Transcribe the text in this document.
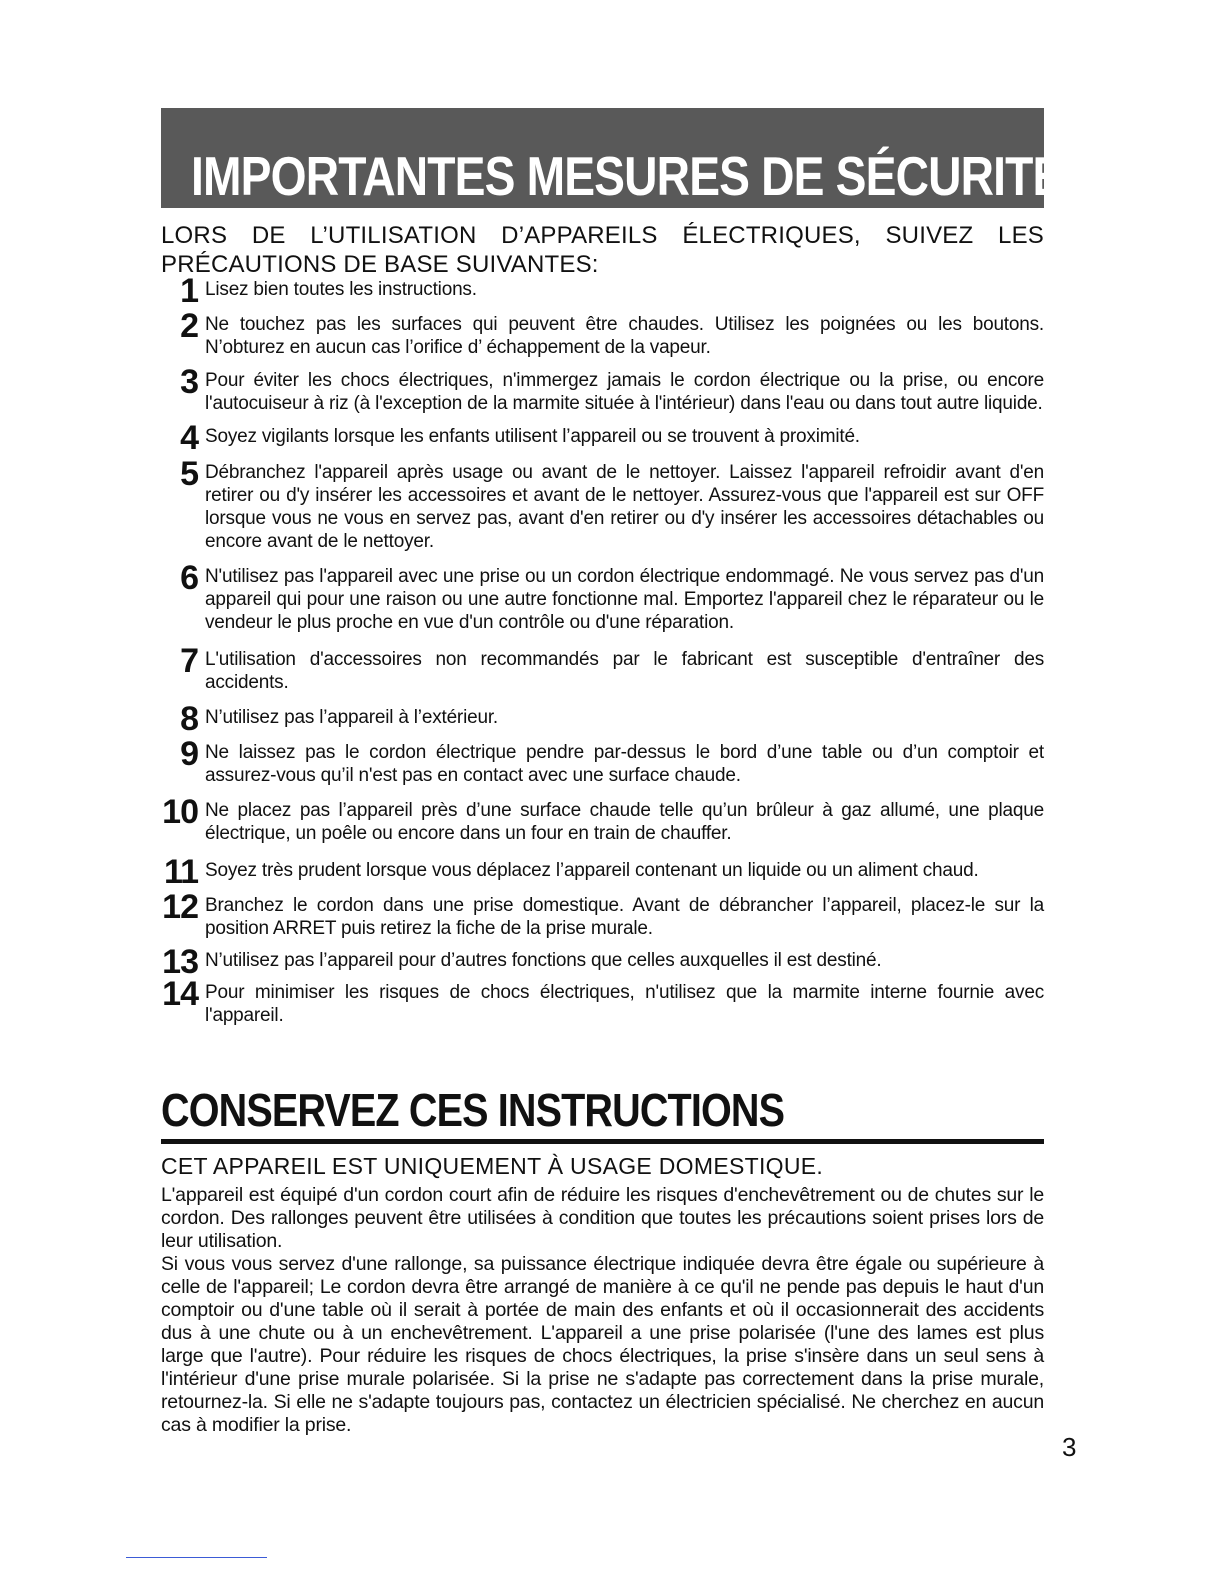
IMPORTANTES MESURES DE SÉCURITÉ

LORS DE L’UTILISATION D’APPAREILS ÉLECTRIQUES, SUIVEZ LES PRÉCAUTIONS DE BASE SUIVANTES:

1 Lisez bien toutes les instructions.
2 Ne touchez pas les surfaces qui peuvent être chaudes. Utilisez les poignées ou les boutons. N’obturez en aucun cas l’orifice d’ échappement de la vapeur.
3 Pour éviter les chocs électriques, n'immergez jamais le cordon électrique ou la prise, ou encore l'autocuiseur à riz (à l'exception de la marmite située à l'intérieur) dans l'eau ou dans tout autre liquide.
4 Soyez vigilants lorsque les enfants utilisent l’appareil ou se trouvent à proximité.
5 Débranchez l'appareil après usage ou avant de le nettoyer. Laissez l'appareil refroidir avant d'en retirer ou d'y insérer les accessoires et avant de le nettoyer. Assurez-vous que l'appareil est sur OFF lorsque vous ne vous en servez pas, avant d'en retirer ou d'y insérer les accessoires détachables ou encore avant de le nettoyer.
6 N'utilisez pas l'appareil avec une prise ou un cordon électrique endommagé. Ne vous servez pas d'un appareil qui pour une raison ou une autre fonctionne mal. Emportez l'appareil chez le réparateur ou le vendeur le plus proche en vue d'un contrôle ou d'une réparation.
7 L'utilisation d'accessoires non recommandés par le fabricant est susceptible d'entraîner des accidents.
8 N’utilisez pas l’appareil à l’extérieur.
9 Ne laissez pas le cordon électrique pendre par-dessus le bord d’une table ou d’un comptoir et assurez-vous qu’il n'est pas en contact avec une surface chaude.
10 Ne placez pas l’appareil près d’une surface chaude telle qu’un brûleur à gaz allumé, une plaque électrique, un poêle ou encore dans un four en train de chauffer.
11 Soyez très prudent lorsque vous déplacez l’appareil contenant un liquide ou un aliment chaud.
12 Branchez le cordon dans une prise domestique. Avant de débrancher l’appareil, placez-le sur la position ARRET puis retirez la fiche de la prise murale.
13 N’utilisez pas l’appareil pour d’autres fonctions que celles auxquelles il est destiné.
14 Pour minimiser les risques de chocs électriques, n'utilisez que la marmite interne fournie avec l'appareil.
CONSERVEZ CES INSTRUCTIONS

CET APPAREIL EST UNIQUEMENT À USAGE DOMESTIQUE.

L'appareil est équipé d'un cordon court afin de réduire les risques d'enchevêtrement ou de chutes sur le cordon. Des rallonges peuvent être utilisées à condition que toutes les précautions soient prises lors de leur utilisation.

Si vous vous servez d'une rallonge, sa puissance électrique indiquée devra être égale ou supérieure à celle de l'appareil; Le cordon devra être arrangé de manière à ce qu'il ne pende pas depuis le haut d'un comptoir ou d'une table où il serait à portée de main des enfants et où il occasionnerait des accidents dus à une chute ou à un enchevêtrement. L'appareil a une prise polarisée (l'une des lames est plus large que l'autre). Pour réduire les risques de chocs électriques, la prise s'insère dans un seul sens à l'intérieur d'une prise murale polarisée. Si la prise ne s'adapte pas correctement dans la prise murale, retournez-la. Si elle ne s'adapte toujours pas, contactez un électricien spécialisé. Ne cherchez en aucun cas à modifier la prise.

3
